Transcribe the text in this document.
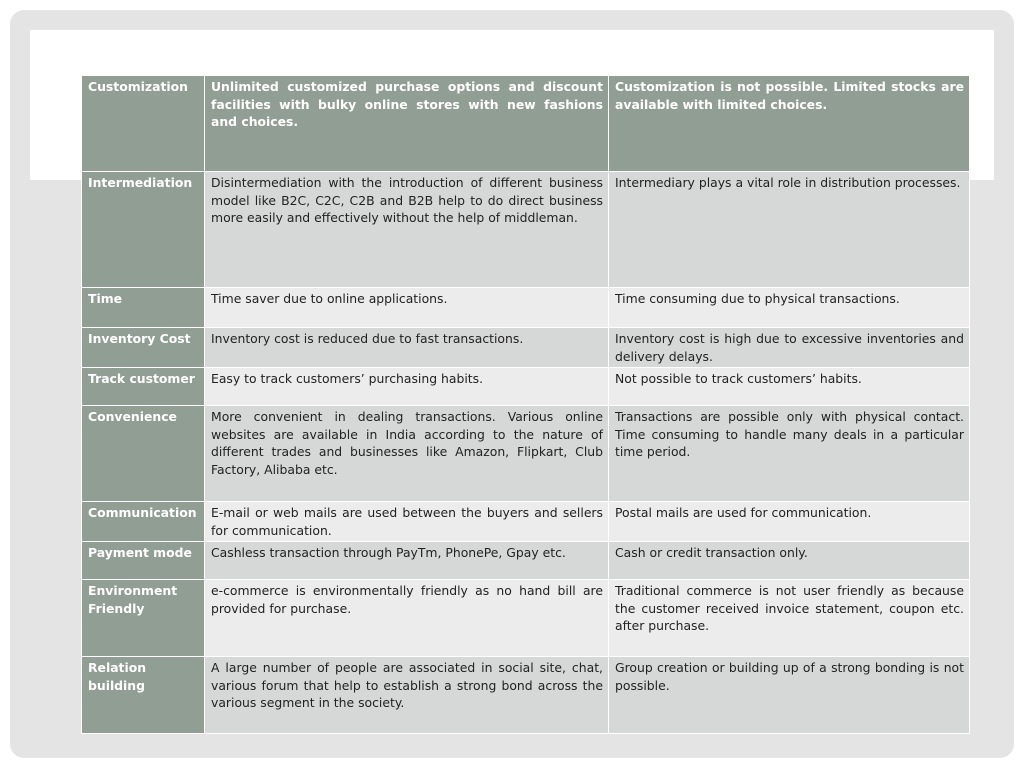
Customization	Unlimited customized purchase options and discount facilities with bulky online stores with new fashions and choices.	Customization is not possible. Limited stocks are available with limited choices.
Intermediation	Disintermediation with the introduction of different business model like B2C, C2C, C2B and B2B help to do direct business more easily and effectively without the help of middleman.	Intermediary plays a vital role in distribution processes.
Time	Time saver due to online applications.	Time consuming due to physical transactions.
Inventory Cost	Inventory cost is reduced due to fast transactions.	Inventory cost is high due to excessive inventories and delivery delays.
Track customer	Easy to track customers’ purchasing habits.	Not possible to track customers’ habits.
Convenience	More convenient in dealing transactions. Various online websites are available in India according to the nature of different trades and businesses like Amazon, Flipkart, Club Factory, Alibaba etc.	Transactions are possible only with physical contact. Time consuming to handle many deals in a particular time period.
Communication	E-mail or web mails are used between the buyers and sellers for communication.	Postal mails are used for communication.
Payment mode	Cashless transaction through PayTm, PhonePe, Gpay etc.	Cash or credit transaction only.
Environment Friendly	e-commerce is environmentally friendly as no hand bill are provided for purchase.	Traditional commerce is not user friendly as because the customer received invoice statement, coupon etc. after purchase.
Relation building	A large number of people are associated in social site, chat, various forum that help to establish a strong bond across the various segment in the society.	Group creation or building up of a strong bonding is not possible.
